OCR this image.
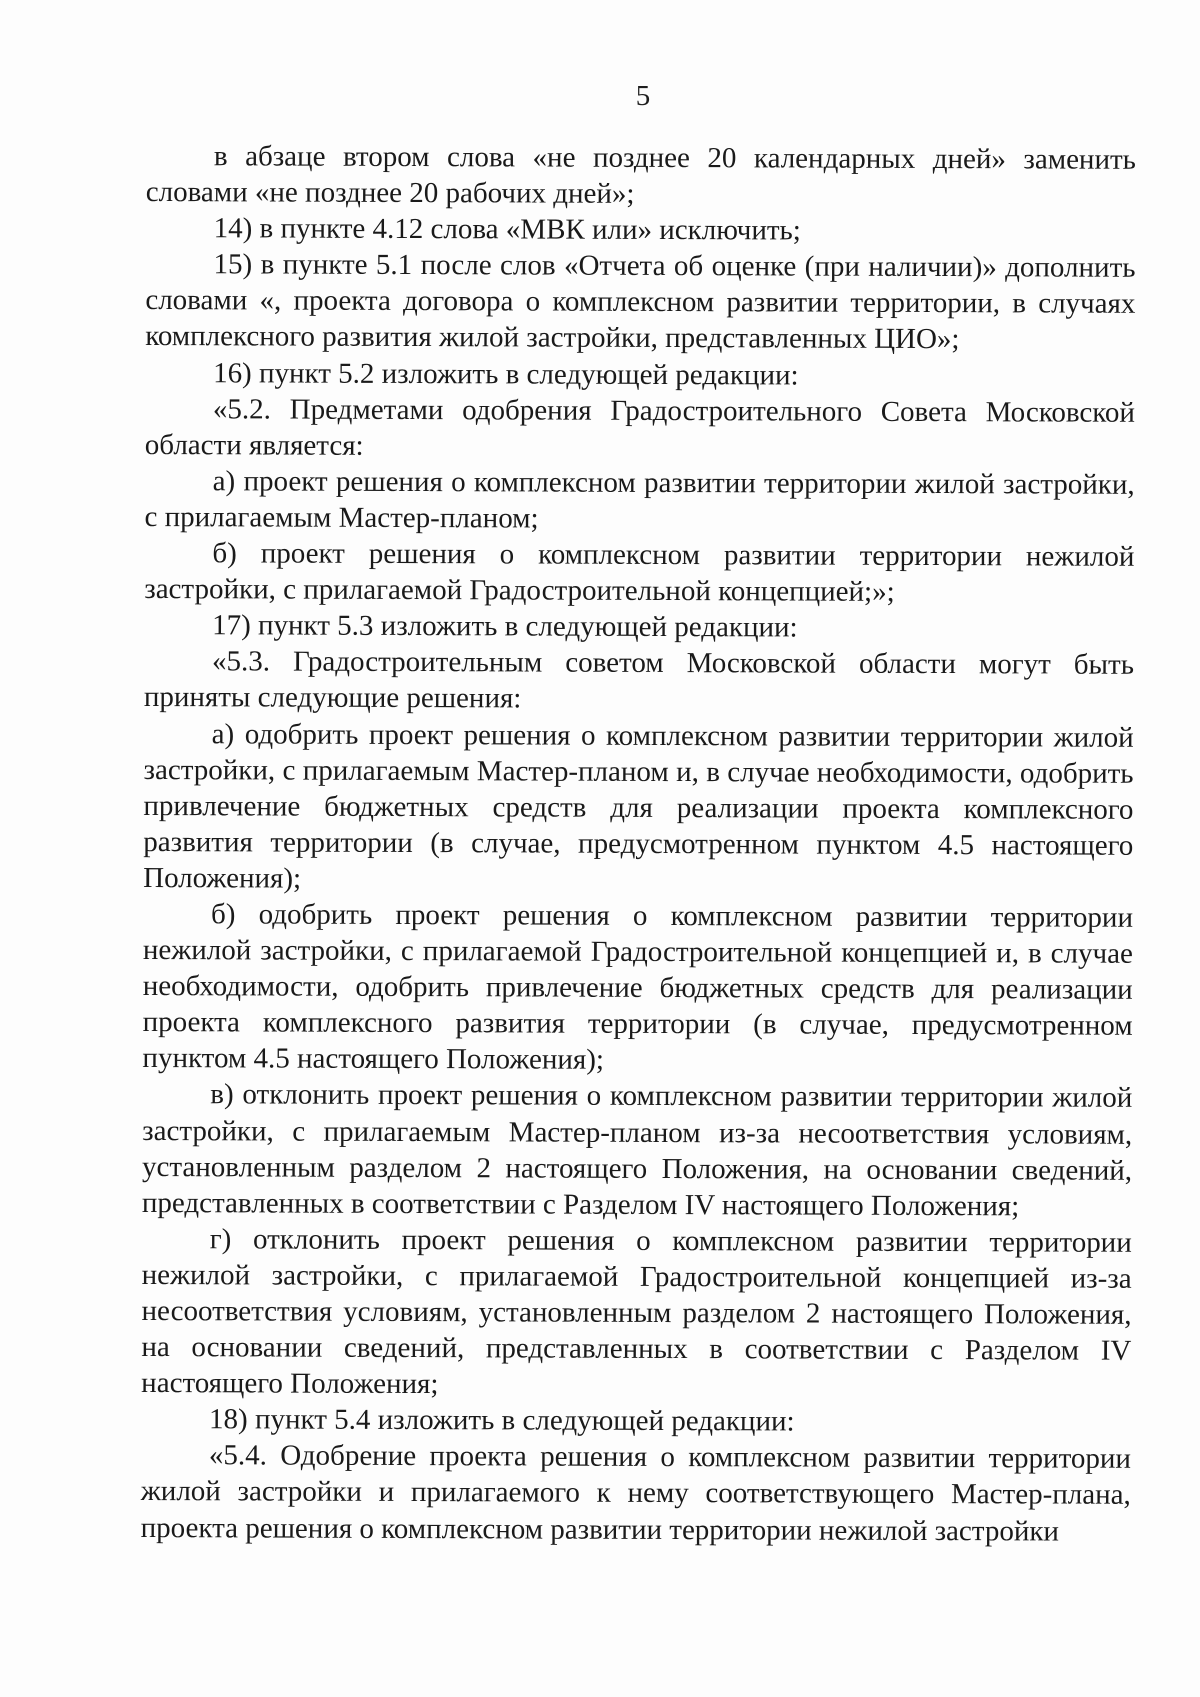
5

в абзаце втором слова «не позднее 20 календарных дней» заменить словами «не позднее 20 рабочих дней»;

14) в пункте 4.12 слова «МВК или» исключить;

15) в пункте 5.1 после слов «Отчета об оценке (при наличии)» дополнить словами «, проекта договора о комплексном развитии территории, в случаях комплексного развития жилой застройки, представленных ЦИО»;

16) пункт 5.2 изложить в следующей редакции:

«5.2. Предметами одобрения Градостроительного Совета Московской области является:

а) проект решения о комплексном развитии территории жилой застройки, с прилагаемым Мастер-планом;

б) проект решения о комплексном развитии территории нежилой застройки, с прилагаемой Градостроительной концепцией;»;

17) пункт 5.3 изложить в следующей редакции:

«5.3. Градостроительным советом Московской области могут быть приняты следующие решения:

а) одобрить проект решения о комплексном развитии территории жилой застройки, с прилагаемым Мастер-планом и, в случае необходимости, одобрить привлечение бюджетных средств для реализации проекта комплексного развития территории (в случае, предусмотренном пунктом 4.5 настоящего Положения);

б) одобрить проект решения о комплексном развитии территории нежилой застройки, с прилагаемой Градостроительной концепцией и, в случае необходимости, одобрить привлечение бюджетных средств для реализации проекта комплексного развития территории (в случае, предусмотренном пунктом 4.5 настоящего Положения);

в) отклонить проект решения о комплексном развитии территории жилой застройки, с прилагаемым Мастер-планом из-за несоответствия условиям, установленным разделом 2 настоящего Положения, на основании сведений, представленных в соответствии с Разделом IV настоящего Положения;

г) отклонить проект решения о комплексном развитии территории нежилой застройки, с прилагаемой Градостроительной концепцией из-за несоответствия условиям, установленным разделом 2 настоящего Положения, на основании сведений, представленных в соответствии с Разделом IV настоящего Положения;

18) пункт 5.4 изложить в следующей редакции:

«5.4. Одобрение проекта решения о комплексном развитии территории жилой застройки и прилагаемого к нему соответствующего Мастер-плана, проекта решения о комплексном развитии территории нежилой застройки
